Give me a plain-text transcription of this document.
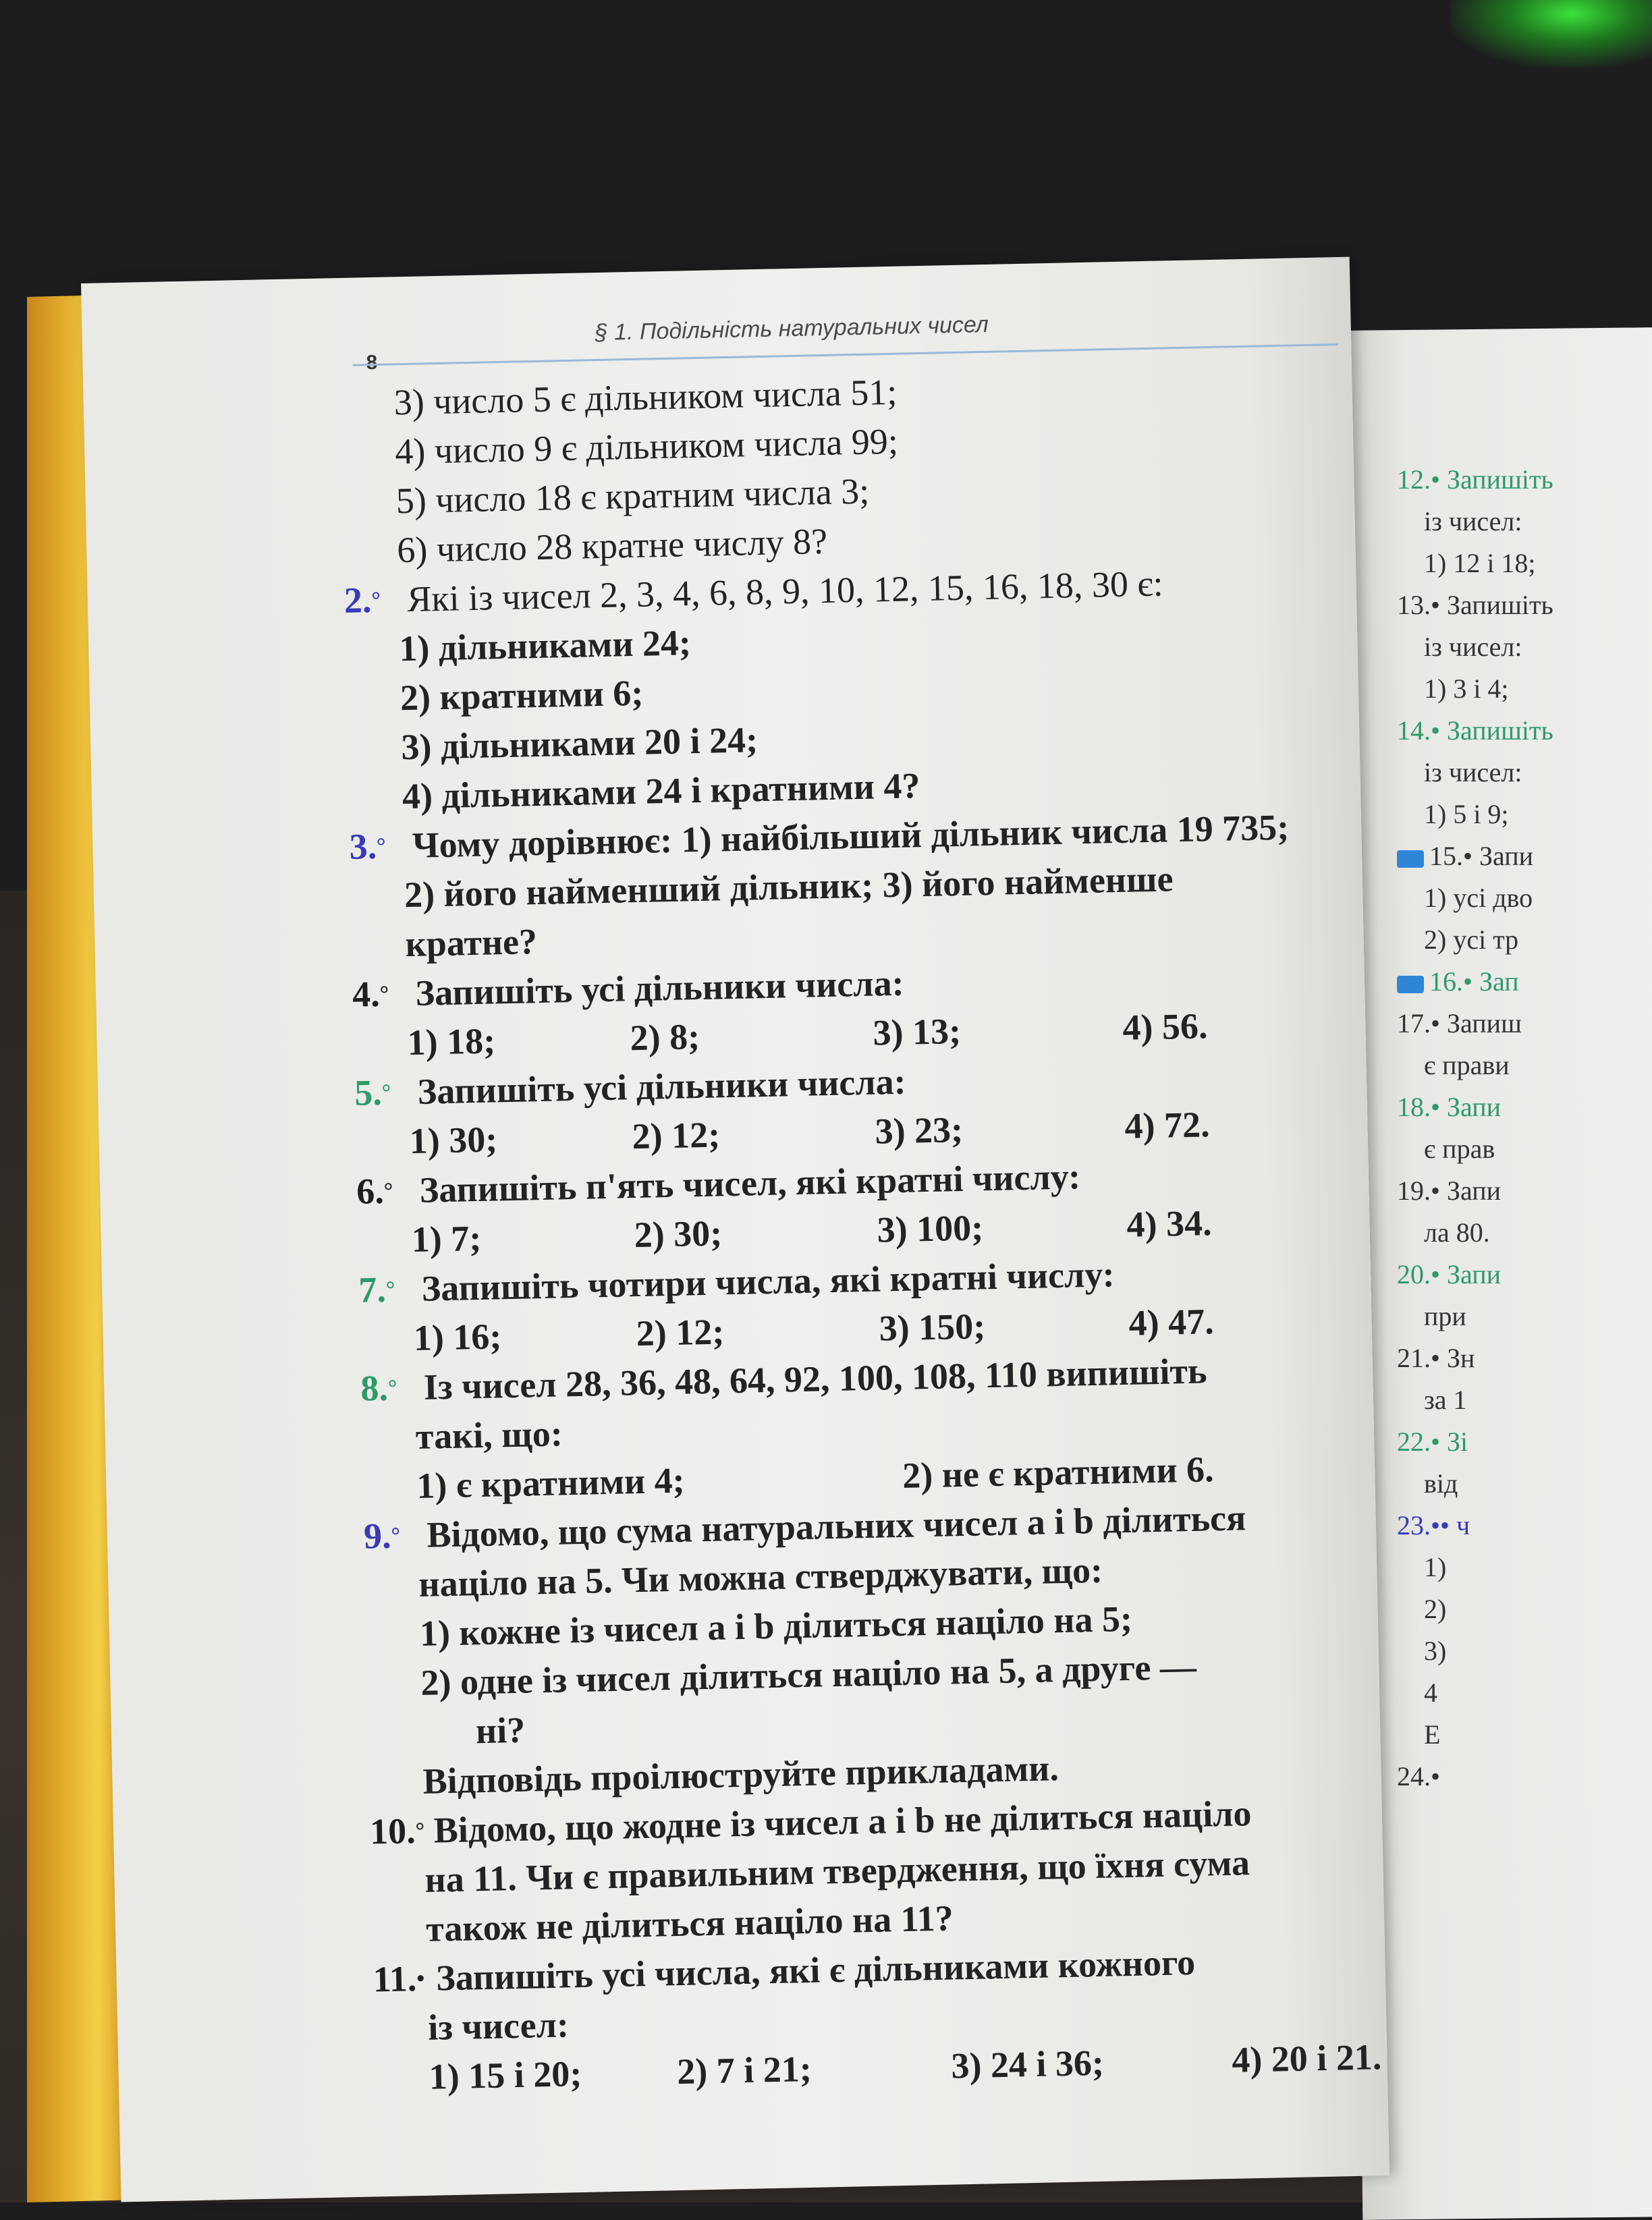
8
§ 1. Подільність натуральних чисел
3) число 5 є дільником числа 51;
4) число 9 є дільником числа 99;
5) число 18 є кратним числа 3;
6) число 28 кратне числу 8?
2.° Які із чисел 2, 3, 4, 6, 8, 9, 10, 12, 15, 16, 18, 30 є:
1) дільниками 24;
2) кратними 6;
3) дільниками 20 і 24;
4) дільниками 24 і кратними 4?
3.° Чому дорівнює: 1) найбільший дільник числа 19 735;
2) його найменший дільник; 3) його найменше
кратне?
4.° Запишіть усі дільники числа:
1) 18;	2) 8;	3) 13;	4) 56.
5.° Запишіть усі дільники числа:
1) 30;	2) 12;	3) 23;	4) 72.
6.° Запишіть п'ять чисел, які кратні числу:
1) 7;	2) 30;	3) 100;	4) 34.
7.° Запишіть чотири числа, які кратні числу:
1) 16;	2) 12;	3) 150;	4) 47.
8.° Із чисел 28, 36, 48, 64, 92, 100, 108, 110 випишіть
такі, що:
1) є кратними 4;	2) не є кратними 6.
9.° Відомо, що сума натуральних чисел a і b ділиться
націло на 5. Чи можна стверджувати, що:
1) кожне із чисел a і b ділиться націло на 5;
2) одне із чисел ділиться націло на 5, а друге —
ні?
Відповідь проілюструйте прикладами.
10.° Відомо, що жодне із чисел a і b не ділиться націло
на 11. Чи є правильним твердження, що їхня сума
також не ділиться націло на 11?
11.• Запишіть усі числа, які є дільниками кожного
із чисел:
1) 15 і 20;	2) 7 і 21;	3) 24 і 36;	4) 20 і 21.
12.• Запишіть
із чисел:
1) 12 і 18;
13.• Запишіть
із чисел:
1) 3 і 4;
14.• Запишіть
із чисел:
1) 5 і 9;
15.• Запи
1) усі дво
2) усі тр
16.• Зап
17.• Запиш
є прави
18.• Запи
є прав
19.• Запи
ла 80.
20.• Запи
при
21.• Зн
за 1
22.• Зі
від
23.•• ч
1)
2)
3)
4
Е
24.•
